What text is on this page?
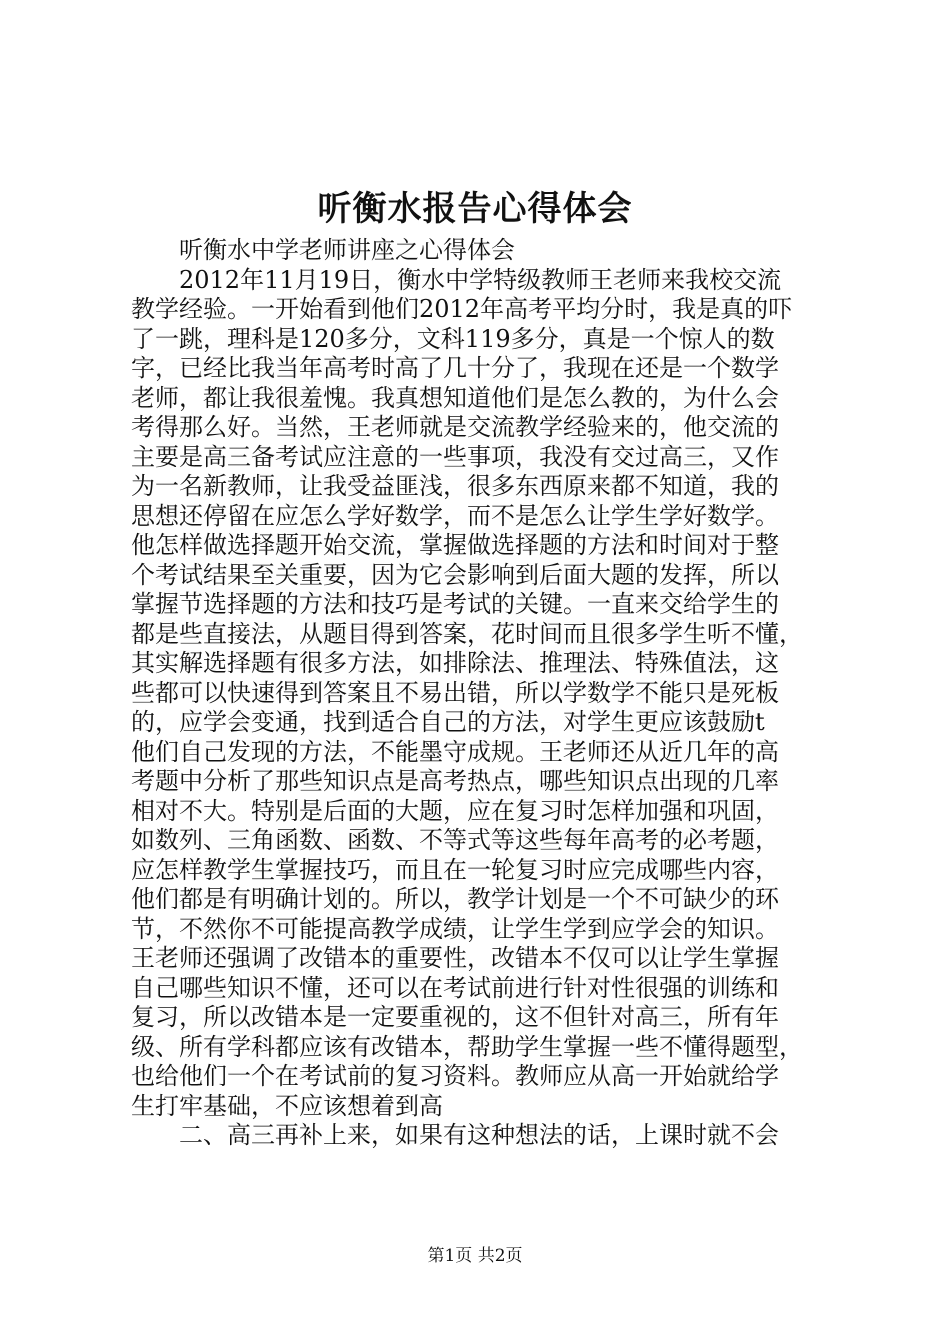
听衡水报告心得体会
听衡水中学老师讲座之心得体会
2012年11月19日，衡水中学特级教师王老师来我校交流
教学经验。一开始看到他们2012年高考平均分时，我是真的吓
了一跳，理科是120多分，文科119多分，真是一个惊人的数
字，已经比我当年高考时高了几十分了，我现在还是一个数学
老师，都让我很羞愧。我真想知道他们是怎么教的，为什么会
考得那么好。当然，王老师就是交流教学经验来的，他交流的
主要是高三备考试应注意的一些事项，我没有交过高三，又作
为一名新教师，让我受益匪浅，很多东西原来都不知道，我的
思想还停留在应怎么学好数学，而不是怎么让学生学好数学。
他怎样做选择题开始交流，掌握做选择题的方法和时间对于整
个考试结果至关重要，因为它会影响到后面大题的发挥，所以
掌握节选择题的方法和技巧是考试的关键。一直来交给学生的
都是些直接法，从题目得到答案，花时间而且很多学生听不懂，
其实解选择题有很多方法，如排除法、推理法、特殊值法，这
些都可以快速得到答案且不易出错，所以学数学不能只是死板
的，应学会变通，找到适合自己的方法，对学生更应该鼓励t
他们自己发现的方法，不能墨守成规。王老师还从近几年的高
考题中分析了那些知识点是高考热点，哪些知识点出现的几率
相对不大。特别是后面的大题，应在复习时怎样加强和巩固，
如数列、三角函数、函数、不等式等这些每年高考的必考题，
应怎样教学生掌握技巧，而且在一轮复习时应完成哪些内容，
他们都是有明确计划的。所以，教学计划是一个不可缺少的环
节，不然你不可能提高教学成绩，让学生学到应学会的知识。
王老师还强调了改错本的重要性，改错本不仅可以让学生掌握
自己哪些知识不懂，还可以在考试前进行针对性很强的训练和
复习，所以改错本是一定要重视的，这不但针对高三，所有年
级、所有学科都应该有改错本，帮助学生掌握一些不懂得题型，
也给他们一个在考试前的复习资料。教师应从高一开始就给学
生打牢基础，不应该想着到高
二、高三再补上来，如果有这种想法的话，上课时就不会
第1页 共2页
